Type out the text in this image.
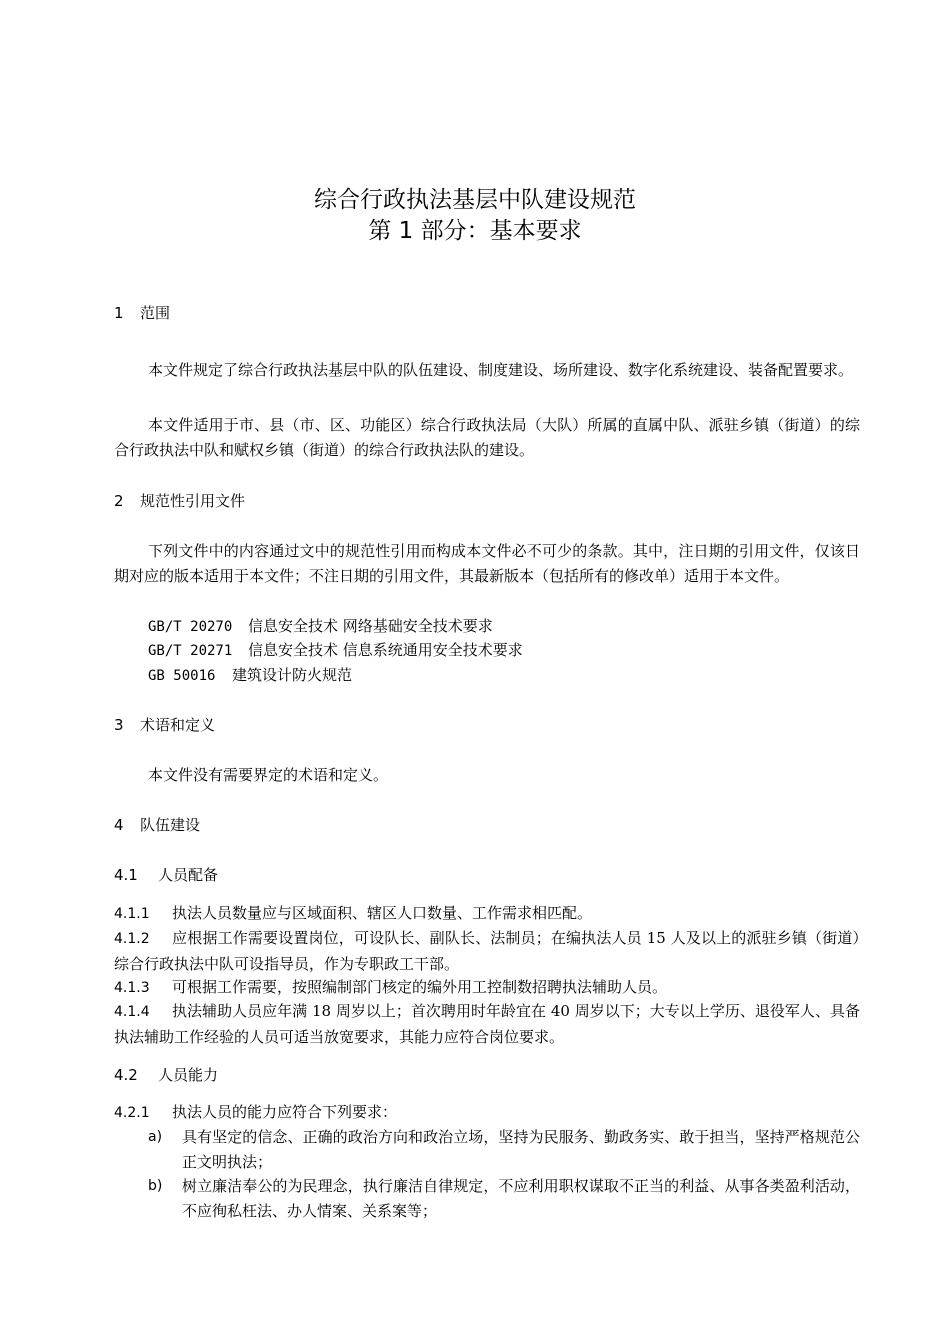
综合行政执法基层中队建设规范
第 1 部分：基本要求
1 范围
本文件规定了综合行政执法基层中队的队伍建设、制度建设、场所建设、数字化系统建设、装备配置要求。
本文件适用于市、县（市、区、功能区）综合行政执法局（大队）所属的直属中队、派驻乡镇（街道）的综合行政执法中队和赋权乡镇（街道）的综合行政执法队的建设。
2 规范性引用文件
下列文件中的内容通过文中的规范性引用而构成本文件必不可少的条款。其中，注日期的引用文件，仅该日期对应的版本适用于本文件；不注日期的引用文件，其最新版本（包括所有的修改单）适用于本文件。
GB/T 20270 信息安全技术 网络基础安全技术要求
GB/T 20271 信息安全技术 信息系统通用安全技术要求
GB 50016 建筑设计防火规范
3 术语和定义
本文件没有需要界定的术语和定义。
4 队伍建设
4.1 人员配备
4.1.1 执法人员数量应与区域面积、辖区人口数量、工作需求相匹配。
4.1.2 应根据工作需要设置岗位，可设队长、副队长、法制员；在编执法人员 15 人及以上的派驻乡镇（街道）综合行政执法中队可设指导员，作为专职政工干部。
4.1.3 可根据工作需要，按照编制部门核定的编外用工控制数招聘执法辅助人员。
4.1.4 执法辅助人员应年满 18 周岁以上；首次聘用时年龄宜在 40 周岁以下；大专以上学历、退役军人、具备执法辅助工作经验的人员可适当放宽要求，其能力应符合岗位要求。
4.2 人员能力
4.2.1 执法人员的能力应符合下列要求：
a) 具有坚定的信念、正确的政治方向和政治立场，坚持为民服务、勤政务实、敢于担当，坚持严格规范公正文明执法；
b) 树立廉洁奉公的为民理念，执行廉洁自律规定，不应利用职权谋取不正当的利益、从事各类盈利活动，不应徇私枉法、办人情案、关系案等；
